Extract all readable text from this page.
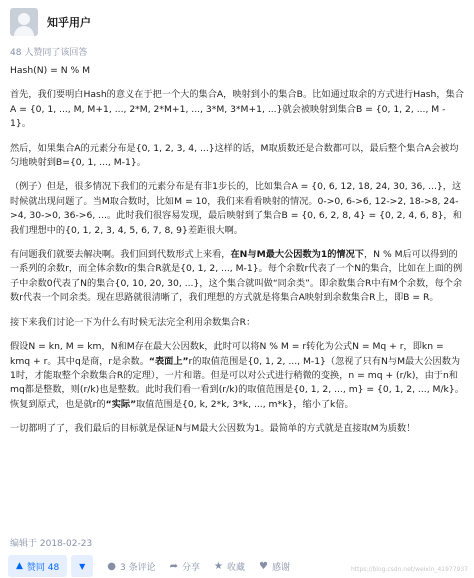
知乎用户
48 人赞同了该回答

Hash(N) = N % M

首先，我们要明白Hash的意义在于把一个大的集合A，映射到小的集合B。比如通过取余的方式进行Hash，集合A = {0, 1, ..., M, M+1, ..., 2*M, 2*M+1, ..., 3*M, 3*M+1, ...}就会被映射到集合B = {0, 1, 2, ..., M - 1}。

然后，如果集合A的元素分布是{0, 1, 2, 3, 4, ...}这样的话，M取质数还是合数都可以，最后整个集合A会被均匀地映射到B={0, 1, ..., M-1}。

（例子）但是，很多情况下我们的元素分布是有非1步长的，比如集合A = {0, 6, 12, 18, 24, 30, 36, ...}，这时候就出现问题了。当M取合数时，比如M = 10，我们来看看映射的情况。0->0, 6->6, 12->2, 18->8, 24->4, 30->0, 36->6, ...。此时我们很容易发现，最后映射到了集合B = {0, 6, 2, 8, 4} = {0, 2, 4, 6, 8}，和我们理想中的{0, 1, 2, 3, 4, 5, 6, 7, 8, 9}差距很大啊。

有问题我们就要去解决啊。我们回到代数形式上来看，在N与M最大公因数为1的情况下，N % M后可以得到的一系列的余数r，而全体余数r的集合R就是{0, 1, 2, ..., M-1}。每个余数r代表了一个N的集合，比如在上面的例子中余数0代表了N的集合{0, 10, 20, 30, ...}，这个集合就叫做“同余类”。即余数集合R中有M个余数，每个余数r代表一个同余类。现在思路就很清晰了，我们理想的方式就是将集合A映射到余数集合R上，即B = R。

接下来我们讨论一下为什么有时候无法完全利用余数集合R：

假设N = kn, M = km，N和M存在最大公因数k，此时可以将N % M = r转化为公式N = Mq + r，即kn = kmq + r。其中q是商，r是余数。“表面上”r的取值范围是{0, 1, 2, ..., M-1}（忽视了只有N与M最大公因数为1时，才能取整个余数集合R的定理），一片和谐。但是可以对公式进行稍微的变换，n = mq + (r/k)，由于n和mq都是整数，则(r/k)也是整数。此时我们看一看到(r/k)的取值范围是{0, 1, 2, ..., m} = {0, 1, 2, ..., M/k}。恢复到原式，也是就r的“实际”取值范围是{0, k, 2*k, 3*k, ..., m*k}，缩小了k倍。

一切都明了了，我们最后的目标就是保证N与M最大公因数为1。最简单的方式就是直接取M为质数！

编辑于 2018-02-23
▲ 赞同 48 ▼ ● 3 条评论 ➦ 分享 ★ 收藏 ♥ 感谢	https://blog.csdn.net/weixin_41977937
